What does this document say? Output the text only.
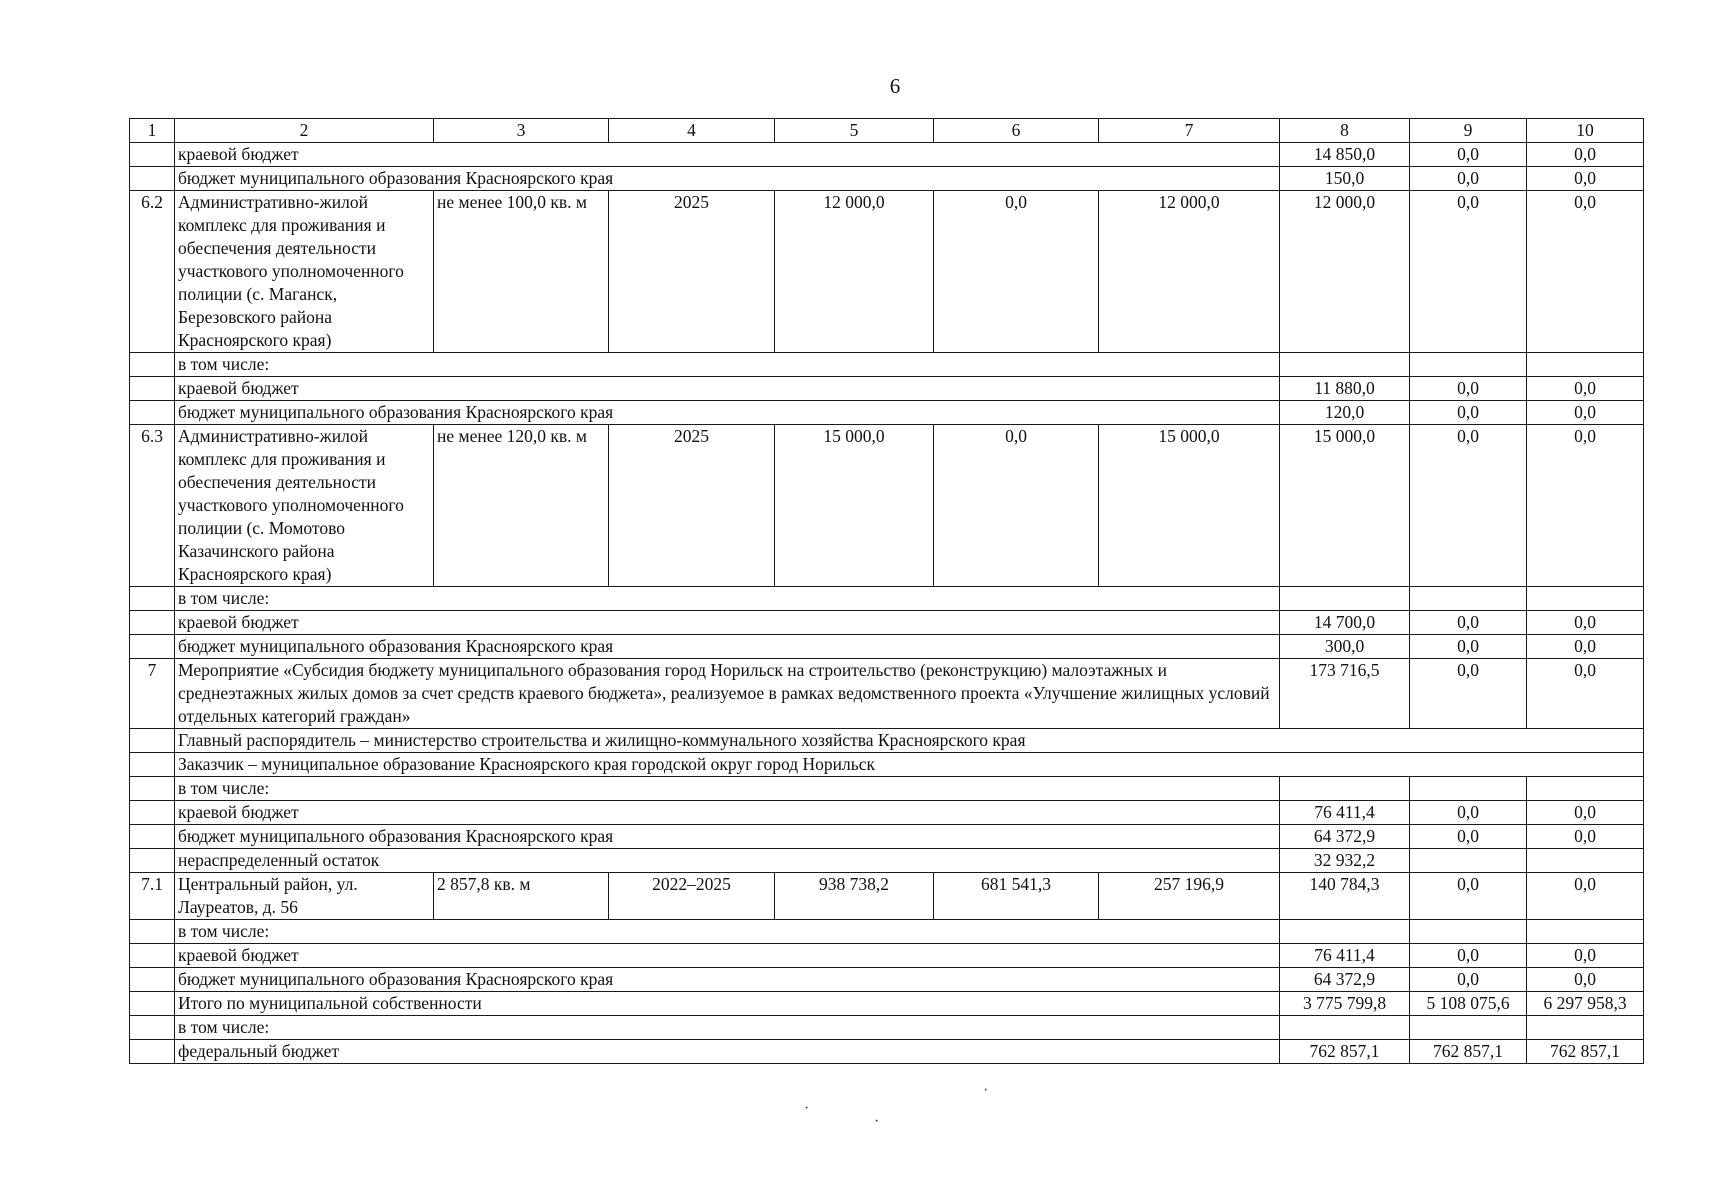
6
1	2	3	4	5	6	7	8	9	10
	краевой бюджет						14 850,0	0,0	0,0
	бюджет муниципального образования Красноярского края						150,0	0,0	0,0
6.2	Административно-жилой комплекс для проживания и обеспечения деятельности участкового уполномоченного полиции (с. Маганск, Березовского района Красноярского края)	не менее 100,0 кв. м	2025	12 000,0	0,0	12 000,0	12 000,0	0,0	0,0
	в том числе:								
	краевой бюджет						11 880,0	0,0	0,0
	бюджет муниципального образования Красноярского края						120,0	0,0	0,0
6.3	Административно-жилой комплекс для проживания и обеспечения деятельности участкового уполномоченного полиции (с. Момотово Казачинского района Красноярского края)	не менее 120,0 кв. м	2025	15 000,0	0,0	15 000,0	15 000,0	0,0	0,0
	в том числе:								
	краевой бюджет						14 700,0	0,0	0,0
	бюджет муниципального образования Красноярского края						300,0	0,0	0,0
7	Мероприятие «Субсидия бюджету муниципального образования город Норильск на строительство (реконструкцию) малоэтажных и среднеэтажных жилых домов за счет средств краевого бюджета», реализуемое в рамках ведомственного проекта «Улучшение жилищных условий отдельных категорий граждан»						173 716,5	0,0	0,0
	Главный распорядитель – министерство строительства и жилищно-коммунального хозяйства Красноярского края								
	Заказчик – муниципальное образование Красноярского края городской округ город Норильск								
	в том числе:								
	краевой бюджет						76 411,4	0,0	0,0
	бюджет муниципального образования Красноярского края						64 372,9	0,0	0,0
	нераспределенный остаток						32 932,2		
7.1	Центральный район, ул. Лауреатов, д. 56	2 857,8 кв. м	2022–2025	938 738,2	681 541,3	257 196,9	140 784,3	0,0	0,0
	в том числе:								
	краевой бюджет						76 411,4	0,0	0,0
	бюджет муниципального образования Красноярского края						64 372,9	0,0	0,0
	Итого по муниципальной собственности						3 775 799,8	5 108 075,6	6 297 958,3
	в том числе:								
	федеральный бюджет						762 857,1	762 857,1	762 857,1
·
·
·
